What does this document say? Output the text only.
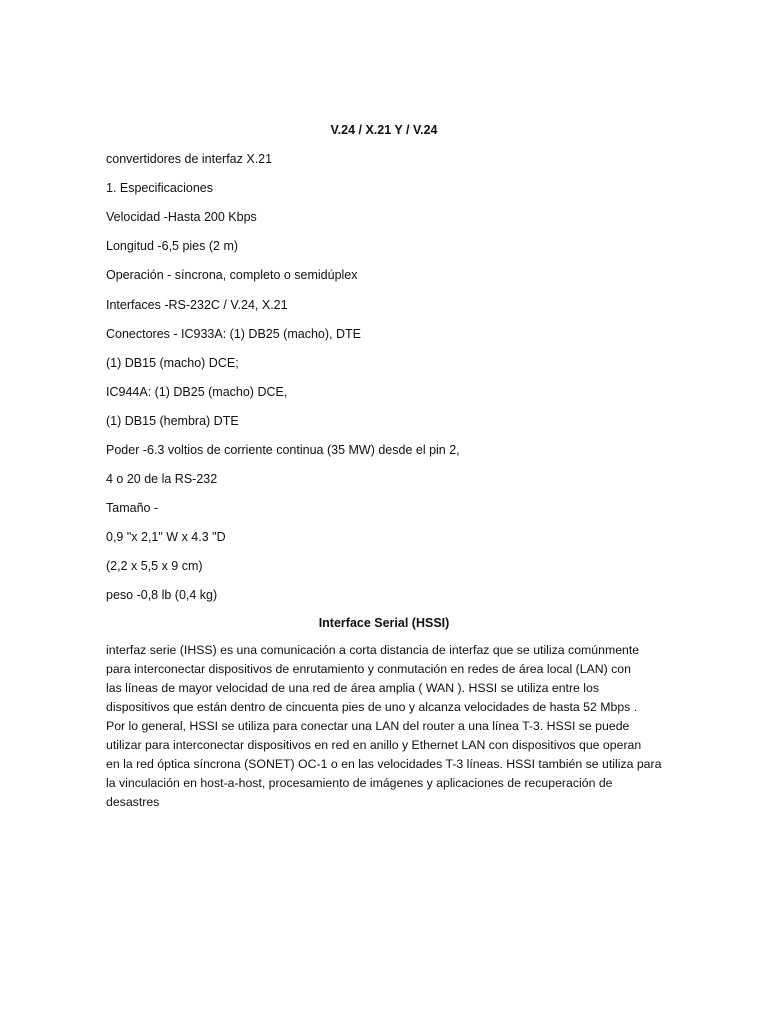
V.24 / X.21 Y / V.24
convertidores de interfaz X.21
1. Especificaciones
Velocidad -Hasta 200 Kbps
Longitud -6,5 pies (2 m)
Operación - síncrona, completo o semidúplex
Interfaces -RS-232C / V.24, X.21
Conectores - IC933A: (1) DB25 (macho), DTE
(1) DB15 (macho) DCE;
IC944A: (1) DB25 (macho) DCE,
(1) DB15 (hembra) DTE
Poder -6.3 voltios de corriente continua (35 MW) desde el pin 2,
4 o 20 de la RS-232
Tamaño -
0,9 "x 2,1" W x 4.3 "D
(2,2 x 5,5 x 9 cm)
peso -0,8 lb (0,4 kg)
Interface Serial (HSSI)
interfaz serie (IHSS) es una comunicación a corta distancia de interfaz que se utiliza comúnmente
para interconectar dispositivos de enrutamiento y conmutación en redes de área local (LAN) con
las líneas de mayor velocidad de una red de área amplia ( WAN ). HSSI se utiliza entre los
dispositivos que están dentro de cincuenta pies de uno y alcanza velocidades de hasta 52 Mbps .
Por lo general, HSSI se utiliza para conectar una LAN del router a una línea T-3. HSSI se puede
utilizar para interconectar dispositivos en red en anillo y Ethernet LAN con dispositivos que operan
en la red óptica síncrona (SONET) OC-1 o en las velocidades T-3 líneas. HSSI también se utiliza para
la vinculación en host-a-host, procesamiento de imágenes y aplicaciones de recuperación de
desastres
